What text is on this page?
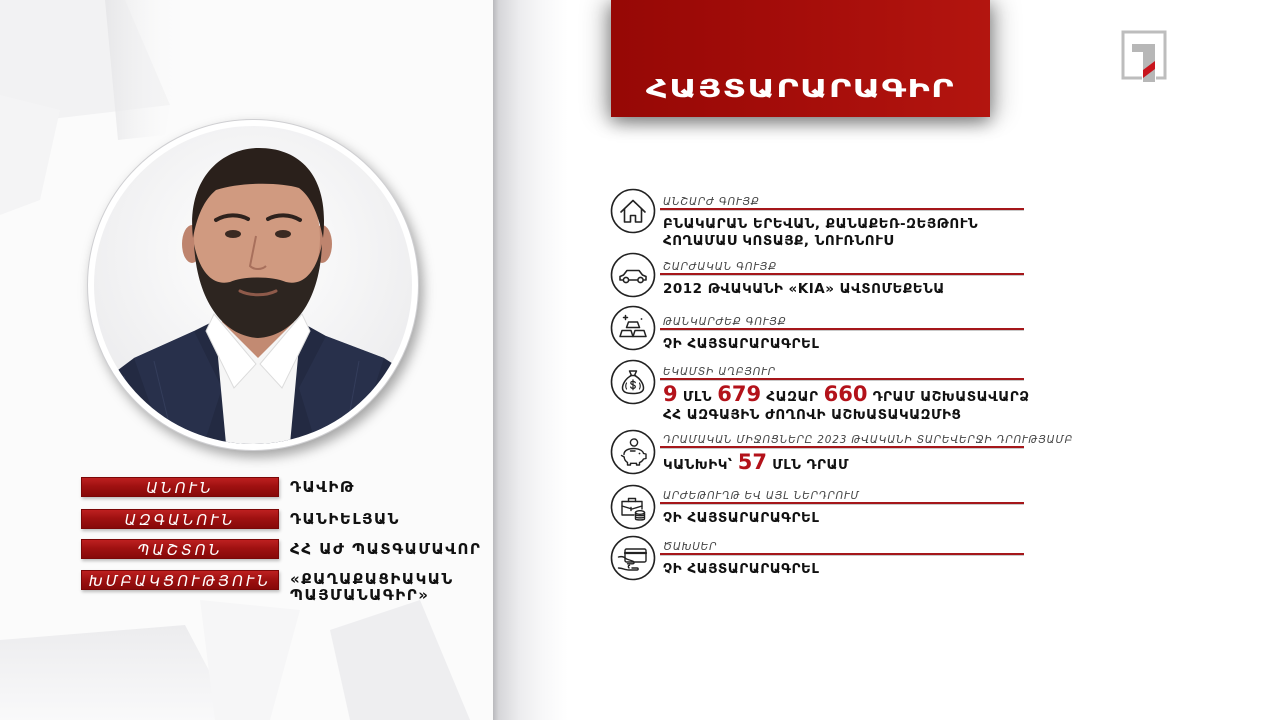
ԱՆՈՒՆ	ԴԱՎԻԹ
ԱԶԳԱՆՈՒՆ	ԴԱՆԻԵԼՅԱՆ
ՊԱՇՏՈՆ	ՀՀ ԱԺ ՊԱՏԳԱՄԱՎՈՐ
ԽՄԲԱԿՑՈՒԹՅՈՒՆ	«ՔԱՂԱՔԱՑԻԱԿԱՆ
ՊԱՅՄԱՆԱԳԻՐ»
ՀԱՅՏԱՐԱՐԱԳԻՐ
ԱՆՇԱՐԺ ԳՈՒՅՔ
ԲՆԱԿԱՐԱՆ ԵՐԵՎԱՆ, ՔԱՆԱՔԵՌ-ԶԵՅԹՈՒՆ
ՀՈՂԱՄԱՍ ԿՈՏԱՅՔ, ՆՈՒՌՆՈՒՍ
ՇԱՐԺԱԿԱՆ ԳՈՒՅՔ
2012 ԹՎԱԿԱՆԻ «KIA» ԱՎՏՈՄԵՔԵՆԱ
ԹԱՆԿԱՐԺԵՔ ԳՈՒՅՔ
ՉԻ ՀԱՅՏԱՐԱՐԱԳՐԵԼ
ԵԿԱՄՏԻ ԱՂԲՅՈՒՐ
9 ՄԼՆ 679 ՀԱԶԱՐ 660 ԴՐԱՄ ԱՇԽԱՏԱՎԱՐՁ
ՀՀ ԱԶԳԱՅԻՆ ԺՈՂՈՎԻ ԱՇԽԱՏԱԿԱԶՄԻՑ
ԴՐԱՄԱԿԱՆ ՄԻՋՈՑՆԵՐԸ 2023 ԹՎԱԿԱՆԻ ՏԱՐԵՎԵՐՋԻ ԴՐՈՒԹՅԱՄԲ
ԿԱՆԽԻԿ՝ 57 ՄԼՆ ԴՐԱՄ
ԱՐԺԵԹՈՒՂԹ ԵՎ ԱՅԼ ՆԵՐԴՐՈՒՄ
ՉԻ ՀԱՅՏԱՐԱՐԱԳՐԵԼ
ԾԱԽՍԵՐ
ՉԻ ՀԱՅՏԱՐԱՐԱԳՐԵԼ
